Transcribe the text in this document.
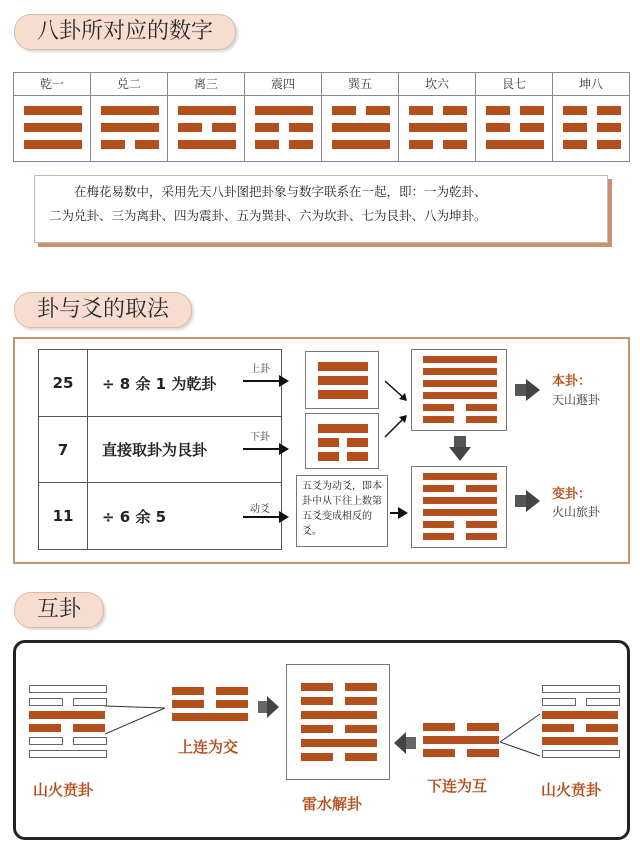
八卦所对应的数字
乾一	兑二	离三	震四	巽五	坎六	艮七	坤八

在梅花易数中，采用先天八卦图把卦象与数字联系在一起，即：一为乾卦、
二为兑卦、三为离卦、四为震卦、五为巽卦、六为坎卦、七为艮卦、八为坤卦。
卦与爻的取法
25	÷ 8 余 1 为乾卦
7	直接取卦为艮卦
11	÷ 6 余 5
上卦
下卦
动爻
五爻为动爻，即本卦中从下往上数第五爻变成相反的爻。
本卦：
天山遯卦
变卦：
火山旅卦
互卦
山火贲卦
上连为交
雷水解卦
下连为互	山火贲卦
